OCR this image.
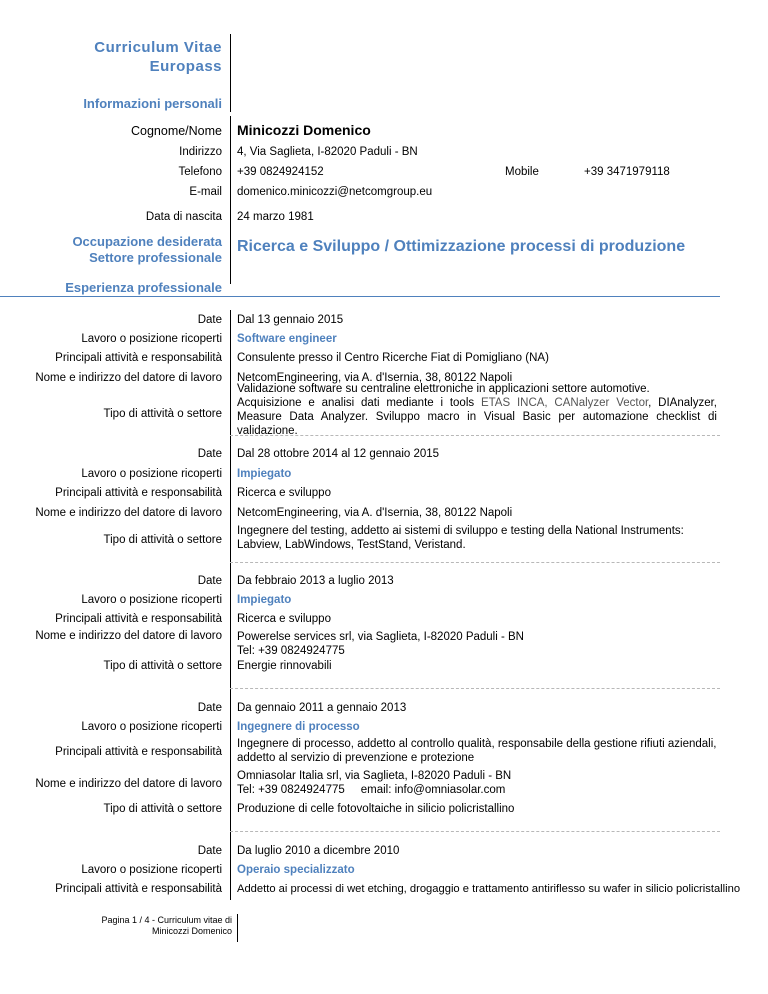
Curriculum Vitae
Europass
Informazioni personali
Cognome/Nome Minicozzi Domenico
Indirizzo 4, Via Saglieta, I-82020 Paduli - BN
Telefono +39 0824924152	Mobile	+39 3471979118
E-mail domenico.minicozzi@netcomgroup.eu
Data di nascita 24 marzo 1981
Occupazione desiderata
Settore professionale
Ricerca e Sviluppo / Ottimizzazione processi di produzione
Esperienza professionale
Date Dal 13 gennaio 2015
Lavoro o posizione ricoperti Software engineer
Principali attività e responsabilità Consulente presso il Centro Ricerche Fiat di Pomigliano (NA)
Nome e indirizzo del datore di lavoro NetcomEngineering, via A. d'Isernia, 38, 80122 Napoli
Tipo di attività o settore
Validazione software su centraline elettroniche in applicazioni settore automotive.
Acquisizione e analisi dati mediante i tools ETAS INCA, CANalyzer Vector, DIAnalyzer, Measure Data Analyzer. Sviluppo macro in Visual Basic per automazione checklist di validazione.
Date Dal 28 ottobre 2014 al 12 gennaio 2015
Lavoro o posizione ricoperti Impiegato
Principali attività e responsabilità Ricerca e sviluppo
Nome e indirizzo del datore di lavoro NetcomEngineering, via A. d'Isernia, 38, 80122 Napoli
Tipo di attività o settore
Ingegnere del testing, addetto ai sistemi di sviluppo e testing della National Instruments: Labview, LabWindows, TestStand, Veristand.
Date Da febbraio 2013 a luglio 2013
Lavoro o posizione ricoperti Impiegato
Principali attività e responsabilità Ricerca e sviluppo
Nome e indirizzo del datore di lavoro Powerelse services srl, via Saglieta, I-82020 Paduli - BN
Tel: +39 0824924775
Tipo di attività o settore Energie rinnovabili
Date Da gennaio 2011 a gennaio 2013
Lavoro o posizione ricoperti Ingegnere di processo
Principali attività e responsabilità
Ingegnere di processo, addetto al controllo qualità, responsabile della gestione rifiuti aziendali, addetto al servizio di prevenzione e protezione
Nome e indirizzo del datore di lavoro
Omniasolar Italia srl, via Saglieta, I-82020 Paduli - BN
Tel: +39 0824924775     email: info@omniasolar.com
Tipo di attività o settore Produzione di celle fotovoltaiche in silicio policristallino
Date Da luglio 2010 a dicembre 2010
Lavoro o posizione ricoperti Operaio specializzato
Principali attività e responsabilità Addetto ai processi di wet etching, drogaggio e trattamento antiriflesso su wafer in silicio policristallino
Pagina 1 / 4 - Curriculum vitae di
Minicozzi Domenico
